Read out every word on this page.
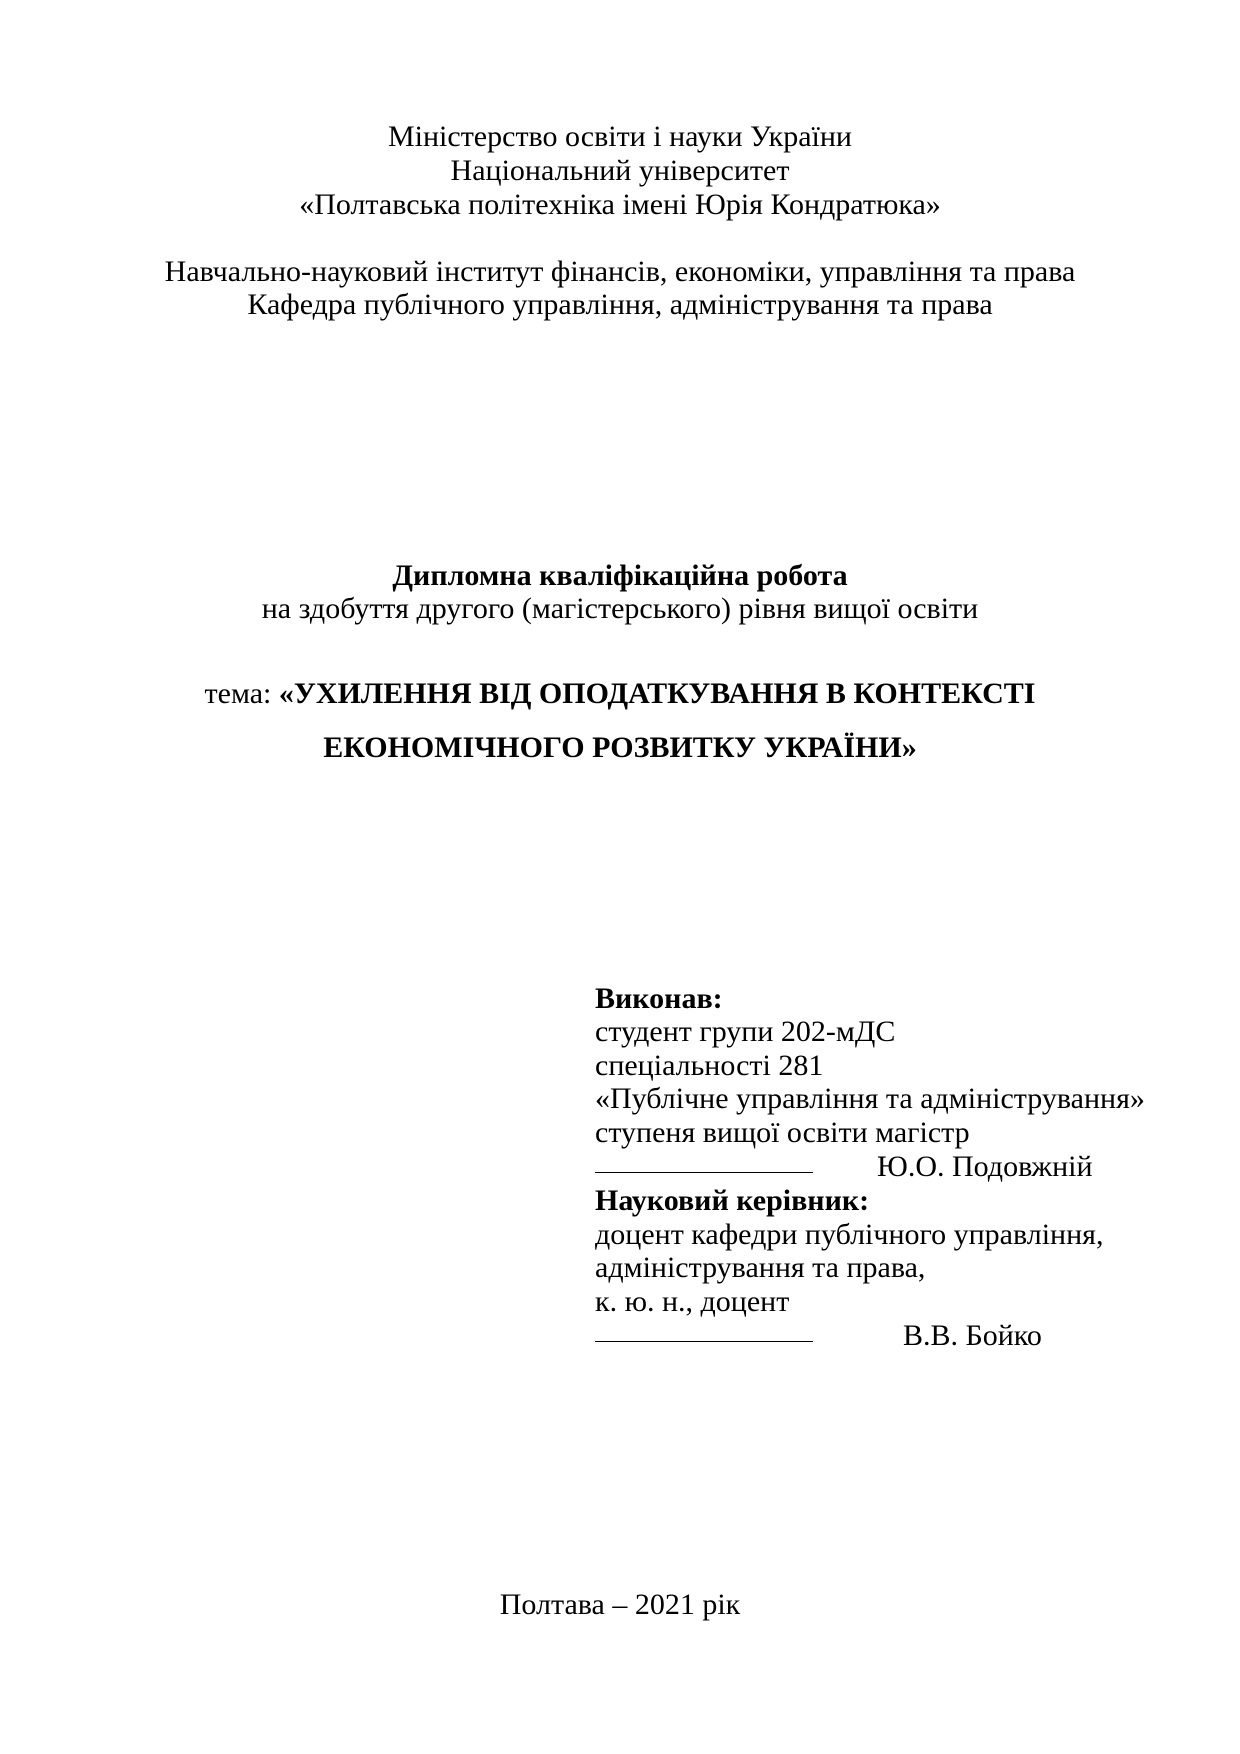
Міністерство освіти і науки України
Національний університет
«Полтавська політехніка імені Юрія Кондратюка»
Навчально-науковий інститут фінансів, економіки, управління та права
Кафедра публічного управління, адміністрування та права
Дипломна кваліфікаційна робота
на здобуття другого (магістерського) рівня вищої освіти
тема: «УХИЛЕННЯ ВІД ОПОДАТКУВАННЯ В КОНТЕКСТІ
ЕКОНОМІЧНОГО РОЗВИТКУ УКРАЇНИ»
Виконав:
студент групи 202-мДС
спеціальності 281
«Публічне управління та адміністрування»
ступеня вищої освіти магістр
Ю.О. Подовжній
Науковий керівник:
доцент кафедри публічного управління,
адміністрування та права,
к. ю. н., доцент
В.В. Бойко
Полтава – 2021 рік
